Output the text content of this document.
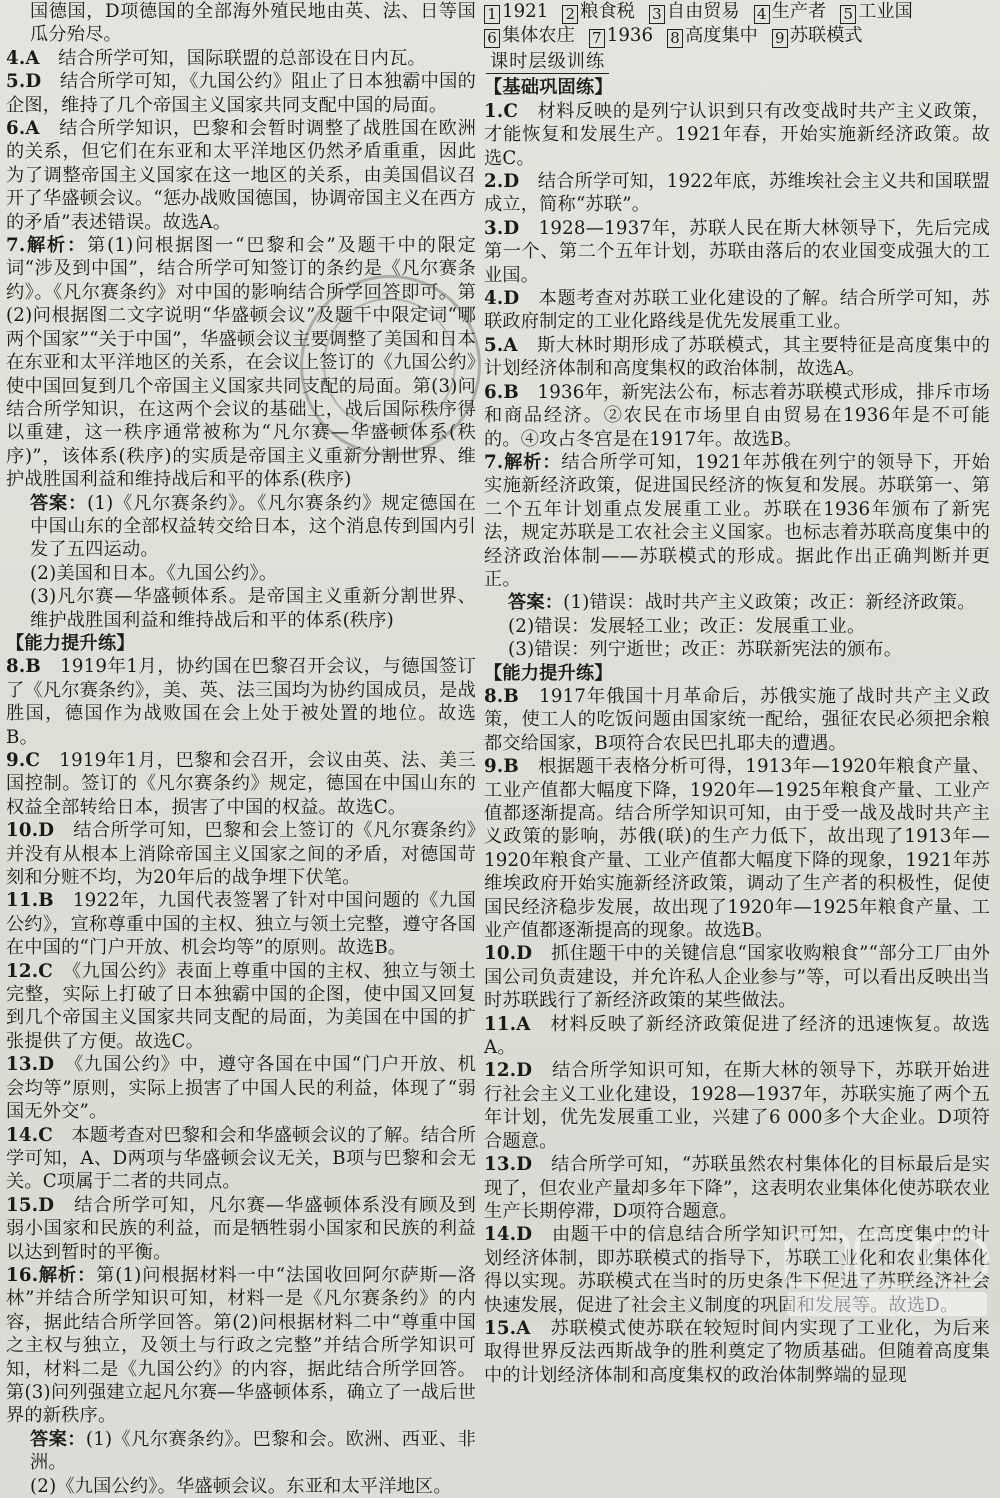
国德国，D项德国的全部海外殖民地由英、法、日等国瓜分殆尽。

4.A　结合所学可知，国际联盟的总部设在日内瓦。

5.D　结合所学可知，《九国公约》阻止了日本独霸中国的企图，维持了几个帝国主义国家共同支配中国的局面。

6.A　结合所学知识，巴黎和会暂时调整了战胜国在欧洲的关系，但它们在东亚和太平洋地区仍然矛盾重重，因此为了调整帝国主义国家在这一地区的关系，由美国倡议召开了华盛顿会议。“惩办战败国德国，协调帝国主义在西方的矛盾”表述错误。故选A。

7.解析：第(1)问根据图一“巴黎和会”及题干中的限定词“涉及到中国”，结合所学可知签订的条约是《凡尔赛条约》。《凡尔赛条约》对中国的影响结合所学回答即可。第(2)问根据图二文字说明“华盛顿会议”及题干中限定词“哪两个国家”“关于中国”，华盛顿会议主要调整了美国和日本在东亚和太平洋地区的关系，在会议上签订的《九国公约》使中国回复到几个帝国主义国家共同支配的局面。第(3)问结合所学知识，在这两个会议的基础上，战后国际秩序得以重建，这一秩序通常被称为“凡尔赛—华盛顿体系(秩序)”，该体系(秩序)的实质是帝国主义重新分割世界、维护战胜国利益和维持战后和平的体系(秩序)

答案：(1)《凡尔赛条约》。《凡尔赛条约》规定德国在中国山东的全部权益转交给日本，这个消息传到国内引发了五四运动。

(2)美国和日本。《九国公约》。

(3)凡尔赛—华盛顿体系。是帝国主义重新分割世界、维护战胜国利益和维持战后和平的体系(秩序)

【能力提升练】

8.B　1919年1月，协约国在巴黎召开会议，与德国签订了《凡尔赛条约》，美、英、法三国均为协约国成员，是战胜国，德国作为战败国在会上处于被处置的地位。故选B。

9.C　1919年1月，巴黎和会召开，会议由英、法、美三国控制。签订的《凡尔赛条约》规定，德国在中国山东的权益全部转给日本，损害了中国的权益。故选C。

10.D　结合所学可知，巴黎和会上签订的《凡尔赛条约》并没有从根本上消除帝国主义国家之间的矛盾，对德国苛刻和分赃不均，为20年后的战争埋下伏笔。

11.B　1922年，九国代表签署了针对中国问题的《九国公约》，宣称尊重中国的主权、独立与领土完整，遵守各国在中国的“门户开放、机会均等”的原则。故选B。

12.C　《九国公约》表面上尊重中国的主权、独立与领土完整，实际上打破了日本独霸中国的企图，使中国又回复到几个帝国主义国家共同支配的局面，为美国在中国的扩张提供了方便。故选C。

13.D　《九国公约》中，遵守各国在中国“门户开放、机会均等”原则，实际上损害了中国人民的利益，体现了“弱国无外交”。

14.C　本题考查对巴黎和会和华盛顿会议的了解。结合所学可知，A、D两项与华盛顿会议无关，B项与巴黎和会无关。C项属于二者的共同点。

15.D　结合所学可知，凡尔赛—华盛顿体系没有顾及到弱小国家和民族的利益，而是牺牲弱小国家和民族的利益以达到暂时的平衡。

16.解析：第(1)问根据材料一中“法国收回阿尔萨斯—洛林”并结合所学知识可知，材料一是《凡尔赛条约》的内容，据此结合所学回答。第(2)问根据材料二中“尊重中国之主权与独立，及领土与行政之完整”并结合所学知识可知，材料二是《九国公约》的内容，据此结合所学回答。第(3)问列强建立起凡尔赛—华盛顿体系，确立了一战后世界的新秩序。

答案：(1)《凡尔赛条约》。巴黎和会。欧洲、西亚、非洲。

(2)《九国公约》。华盛顿会议。东亚和太平洋地区。

1 1921 2 粮食税 3 自由贸易 4 生产者 5 工业国

6 集体农庄 7 1936 8 高度集中 9 苏联模式

课时层级训练

【基础巩固练】

1.C　材料反映的是列宁认识到只有改变战时共产主义政策，才能恢复和发展生产。1921年春，开始实施新经济政策。故选C。

2.D　结合所学可知，1922年底，苏维埃社会主义共和国联盟成立，简称“苏联”。

3.D　1928—1937年，苏联人民在斯大林领导下，先后完成第一个、第二个五年计划，苏联由落后的农业国变成强大的工业国。

4.D　本题考查对苏联工业化建设的了解。结合所学可知，苏联政府制定的工业化路线是优先发展重工业。

5.A　斯大林时期形成了苏联模式，其主要特征是高度集中的计划经济体制和高度集权的政治体制，故选A。

6.B　1936年，新宪法公布，标志着苏联模式形成，排斥市场和商品经济。②农民在市场里自由贸易在1936年是不可能的。④攻占冬宫是在1917年。故选B。

7.解析：结合所学可知，1921年苏俄在列宁的领导下，开始实施新经济政策，促进国民经济的恢复和发展。苏联第一、第二个五年计划重点发展重工业。苏联在1936年颁布了新宪法，规定苏联是工农社会主义国家。也标志着苏联高度集中的经济政治体制——苏联模式的形成。据此作出正确判断并更正。

答案：(1)错误：战时共产主义政策；改正：新经济政策。

(2)错误：发展轻工业；改正：发展重工业。

(3)错误：列宁逝世；改正：苏联新宪法的颁布。

【能力提升练】

8.B　1917年俄国十月革命后，苏俄实施了战时共产主义政策，使工人的吃饭问题由国家统一配给，强征农民必须把余粮都交给国家，B项符合农民巴扎耶夫的遭遇。

9.B　根据题干表格分析可得，1913年—1920年粮食产量、工业产值都大幅度下降，1920年—1925年粮食产量、工业产值都逐渐提高。结合所学知识可知，由于受一战及战时共产主义政策的影响，苏俄(联)的生产力低下，故出现了1913年—1920年粮食产量、工业产值都大幅度下降的现象，1921年苏维埃政府开始实施新经济政策，调动了生产者的积极性，促使国民经济稳步发展，故出现了1920年—1925年粮食产量、工业产值都逐渐提高的现象。故选B。

10.D　抓住题干中的关键信息“国家收购粮食”“部分工厂由外国公司负责建设，并允许私人企业参与”等，可以看出反映出当时苏联践行了新经济政策的某些做法。

11.A　材料反映了新经济政策促进了经济的迅速恢复。故选A。

12.D　结合所学知识可知，在斯大林的领导下，苏联开始进行社会主义工业化建设，1928—1937年，苏联实施了两个五年计划，优先发展重工业，兴建了6 000多个大企业。D项符合题意。

13.D　结合所学可知，“苏联虽然农村集体化的目标最后是实现了，但农业产量却多年下降”，这表明农业集体化使苏联农业生产长期停滞，D项符合题意。

14.D　由题干中的信息结合所学知识可知，在高度集中的计划经济体制，即苏联模式的指导下，苏联工业化和农业集体化得以实现。苏联模式在当时的历史条件下促进了苏联经济社会快速发展，促进了社会主义制度的巩固和发展等。故选D。

15.A　苏联模式使苏联在较短时间内实现了工业化，为后来取得世界反法西斯战争的胜利奠定了物质基础。但随着高度集中的计划经济体制和高度集权的政治体制弊端的显现
